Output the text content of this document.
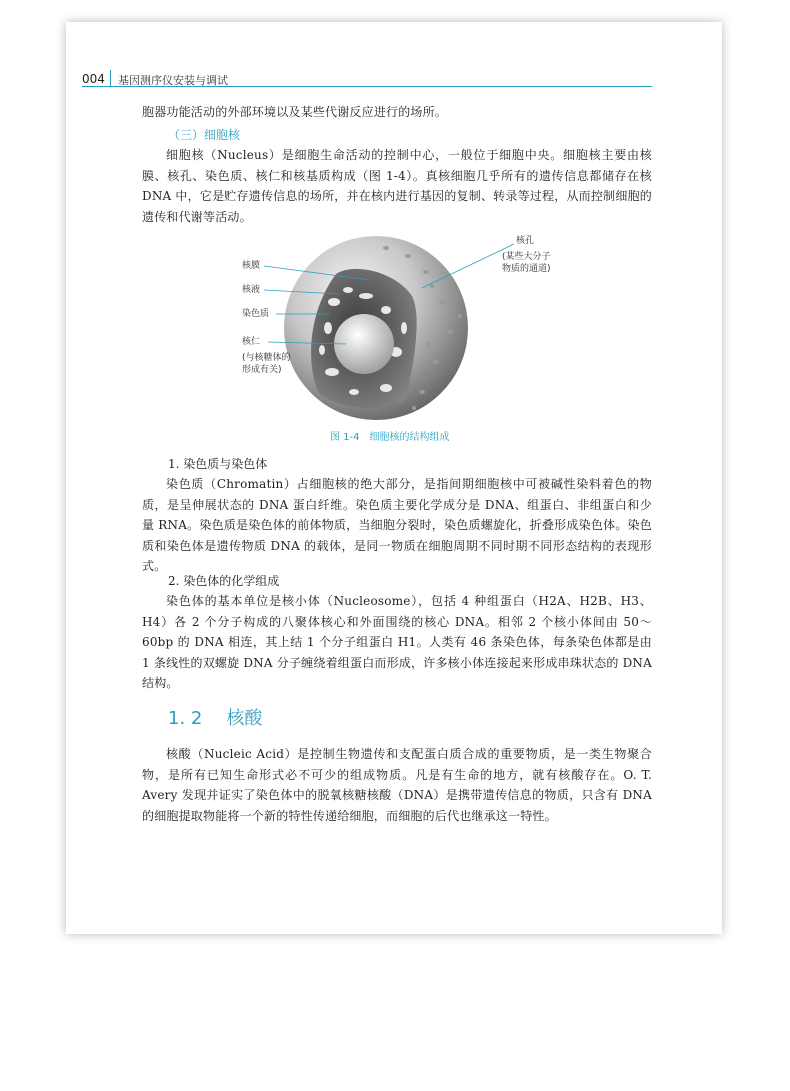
004 基因测序仪安装与调试
胞器功能活动的外部环境以及某些代谢反应进行的场所。
（三）细胞核
细胞核（Nucleus）是细胞生命活动的控制中心，一般位于细胞中央。细胞核主要由核膜、核孔、染色质、核仁和核基质构成（图 1-4）。真核细胞几乎所有的遗传信息都储存在核 DNA 中，它是贮存遗传信息的场所，并在核内进行基因的复制、转录等过程，从而控制细胞的遗传和代谢等活动。
核膜
核液
染色质
核仁
(与核糖体的
形成有关)
核孔
(某些大分子
物质的通道)
图 1-4　细胞核的结构组成
1. 染色质与染色体
染色质（Chromatin）占细胞核的绝大部分，是指间期细胞核中可被碱性染料着色的物质，是呈伸展状态的 DNA 蛋白纤维。染色质主要化学成分是 DNA、组蛋白、非组蛋白和少量 RNA。染色质是染色体的前体物质，当细胞分裂时，染色质螺旋化，折叠形成染色体。染色质和染色体是遗传物质 DNA 的载体，是同一物质在细胞周期不同时期不同形态结构的表现形式。
2. 染色体的化学组成
染色体的基本单位是核小体（Nucleosome），包括 4 种组蛋白（H2A、H2B、H3、H4）各 2 个分子构成的八聚体核心和外面围绕的核心 DNA。相邻 2 个核小体间由 50～60bp 的 DNA 相连，其上结 1 个分子组蛋白 H1。人类有 46 条染色体，每条染色体都是由 1 条线性的双螺旋 DNA 分子缠绕着组蛋白而形成，许多核小体连接起来形成串珠状态的 DNA 结构。
1. 2 核酸
核酸（Nucleic Acid）是控制生物遗传和支配蛋白质合成的重要物质，是一类生物聚合物，是所有已知生命形式必不可少的组成物质。凡是有生命的地方，就有核酸存在。O. T. Avery 发现并证实了染色体中的脱氧核糖核酸（DNA）是携带遗传信息的物质，只含有 DNA 的细胞提取物能将一个新的特性传递给细胞，而细胞的后代也继承这一特性。
